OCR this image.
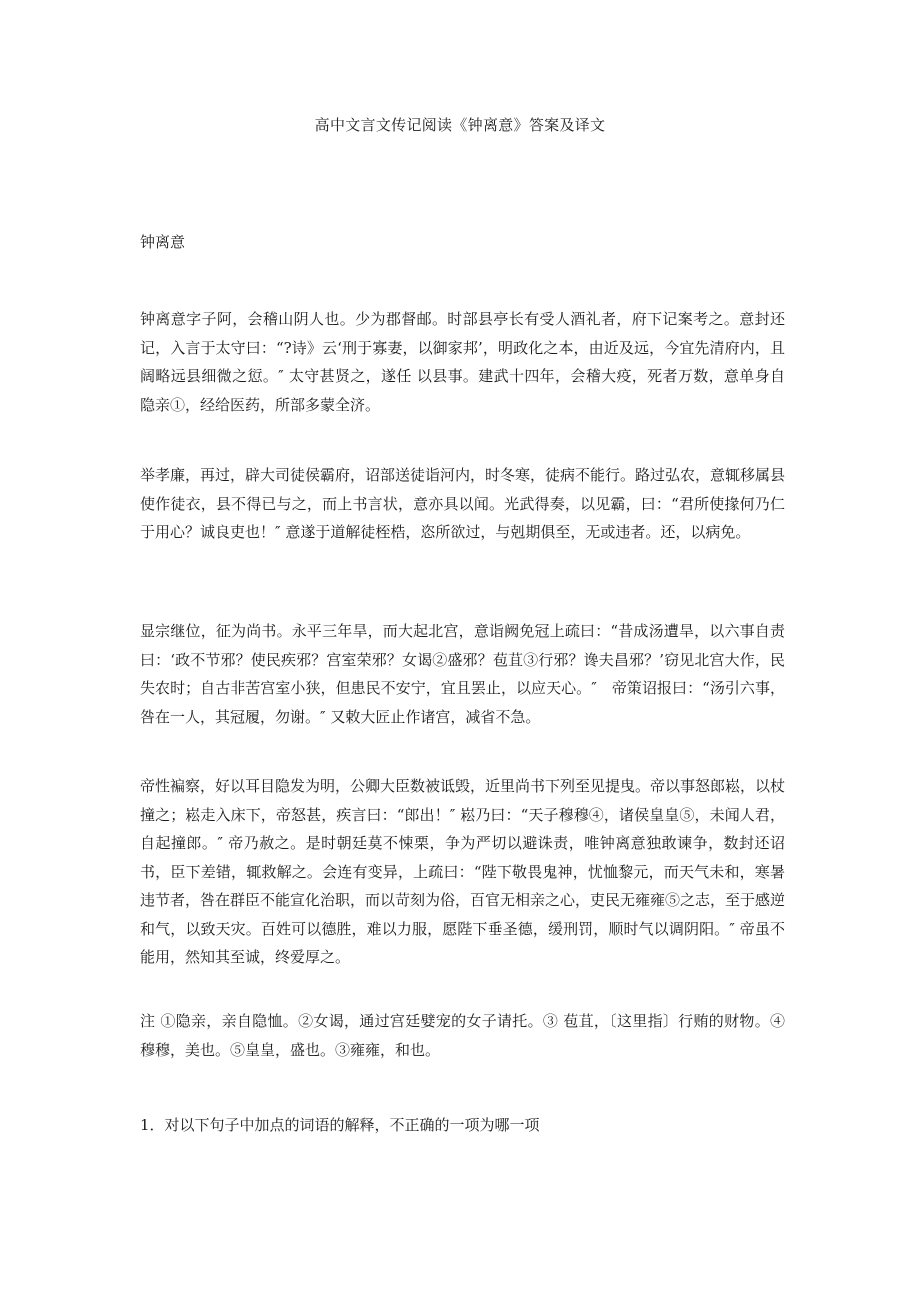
高中文言文传记阅读《钟离意》答案及译文
钟离意

钟离意字子阿，会稽山阴人也。少为郡督邮。时部县亭长有受人酒礼者，府下记案考之。意封还记，入言于太守曰：“?诗》云‘刑于寡妻，以御家邦’，明政化之本，由近及远，今宜先清府内，且阔略远县细微之愆。″ 太守甚贤之，遂任 以县事。建武十四年，会稽大疫，死者万数，意单身自隐亲①，经给医药，所部多蒙全济。

举孝廉，再过，辟大司徒侯霸府，诏部送徒诣河内，时冬寒，徒病不能行。路过弘农，意辄移属县使作徒衣，县不得已与之，而上书言状，意亦具以闻。光武得奏，以见霸，曰：“君所使掾何乃仁于用心？诚良吏也！″ 意遂于道解徒桎梏，恣所欲过，与剋期俱至，无或违者。还，以病免。

显宗继位，征为尚书。永平三年旱，而大起北宫，意诣阙免冠上疏曰：“昔成汤遭旱，以六事自责曰：‘政不节邪？使民疾邪？宫室荣邪？女谒②盛邪？苞苴③行邪？谗夫昌邪？’窃见北宫大作，民失农时；自古非苦宫室小狭，但患民不安宁，宜且罢止，以应天心。″　帝策诏报曰：“汤引六事，咎在一人，其冠履，勿谢。″ 又敕大匠止作诸宫，减省不急。

帝性褊察，好以耳目隐发为明，公卿大臣数被诋毁，近里尚书下列至见提曳。帝以事怒郎崧，以杖撞之；崧走入床下，帝怒甚，疾言曰：“郎出！″ 崧乃曰：“天子穆穆④，诸侯皇皇⑤，未闻人君，自起撞郎。″ 帝乃赦之。是时朝廷莫不悚栗，争为严切以避诛责，唯钟离意独敢谏争，数封还诏书，臣下差错，辄救解之。会连有变异，上疏曰：“陛下敬畏鬼神，忧恤黎元，而天气未和，寒暑违节者，咎在群臣不能宣化治职，而以苛刻为俗，百官无相亲之心，吏民无雍雍⑤之志，至于感逆和气，以致天灾。百姓可以德胜，难以力服，愿陛下垂圣德，缓刑罚，顺时气以调阴阳。″ 帝虽不能用，然知其至诚，终爱厚之。

注 ①隐亲，亲自隐恤。②女谒，通过宫廷嬖宠的女子请托。③ 苞苴，〔这里指〕行贿的财物。④穆穆，美也。⑤皇皇，盛也。③雍雍，和也。

1．对以下句子中加点的词语的解释，不正确的一项为哪一项
